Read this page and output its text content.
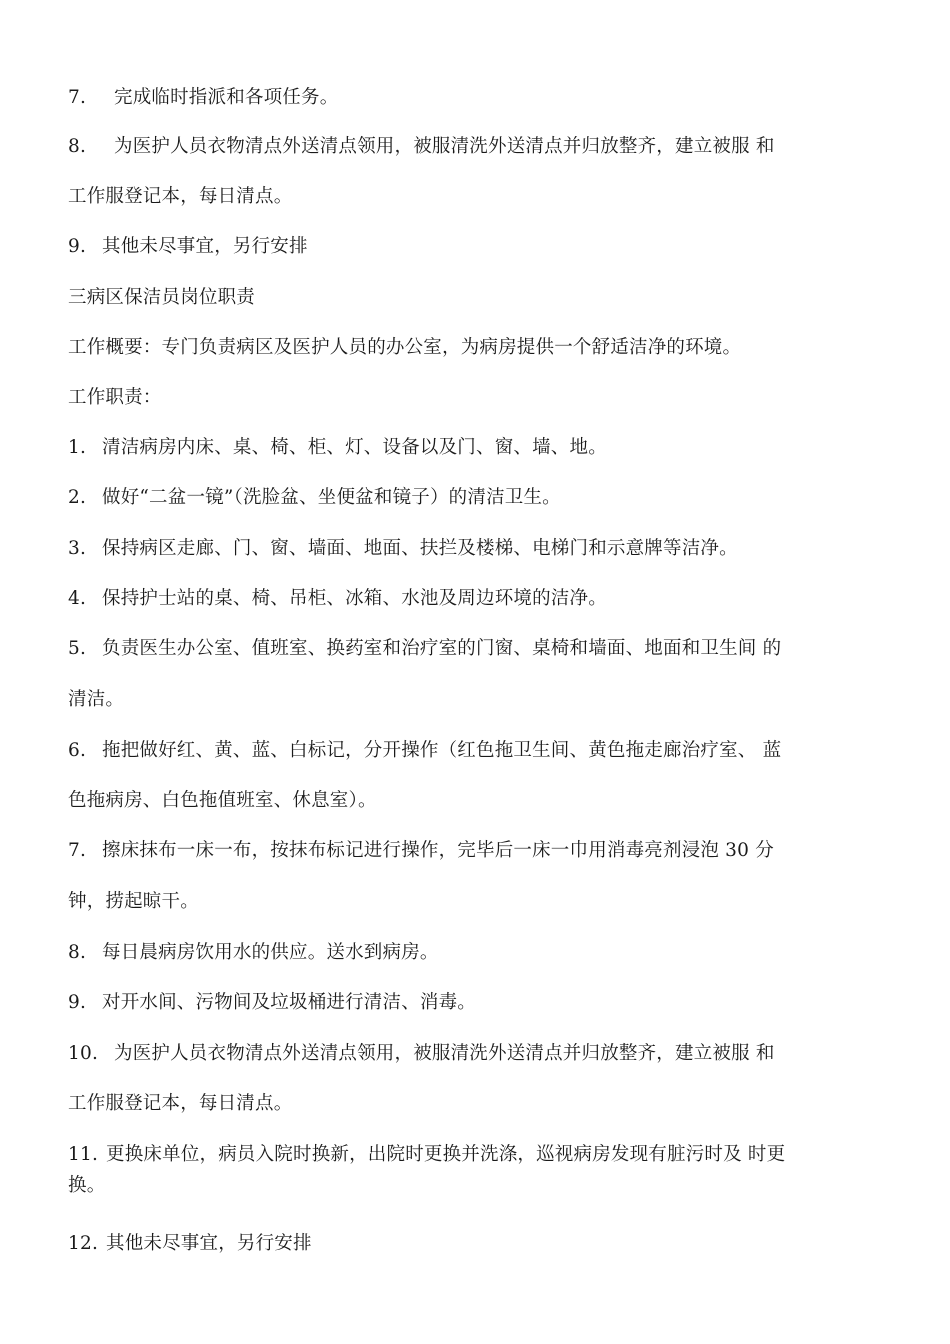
7. 完成临时指派和各项任务。
8. 为医护人员衣物清点外送清点领用，被服清洗外送清点并归放整齐，建立被服 和
工作服登记本，每日清点。
9. 其他未尽事宜，另行安排
三病区保洁员岗位职责
工作概要：专门负责病区及医护人员的办公室，为病房提供一个舒适洁净的环境。
工作职责：
1. 清洁病房内床、桌、椅、柜、灯、设备以及门、窗、墙、地。
2. 做好“二盆一镜”（洗脸盆、坐便盆和镜子）的清洁卫生。
3. 保持病区走廊、门、窗、墙面、地面、扶拦及楼梯、电梯门和示意牌等洁净。
4. 保持护士站的桌、椅、吊柜、冰箱、水池及周边环境的洁净。
5. 负责医生办公室、值班室、换药室和治疗室的门窗、桌椅和墙面、地面和卫生间 的
清洁。
6. 拖把做好红、黄、蓝、白标记，分开操作（红色拖卫生间、黄色拖走廊治疗室、 蓝
色拖病房、白色拖值班室、休息室）。
7. 擦床抹布一床一布，按抹布标记进行操作，完毕后一床一巾用消毒亮剂浸泡 30 分
钟，捞起晾干。
8. 每日晨病房饮用水的供应。送水到病房。
9. 对开水间、污物间及垃圾桶进行清洁、消毒。
10. 为医护人员衣物清点外送清点领用，被服清洗外送清点并归放整齐，建立被服 和
工作服登记本，每日清点。
11. 更换床单位，病员入院时换新，出院时更换并洗涤，巡视病房发现有脏污时及 时更
换。
12. 其他未尽事宜，另行安排
